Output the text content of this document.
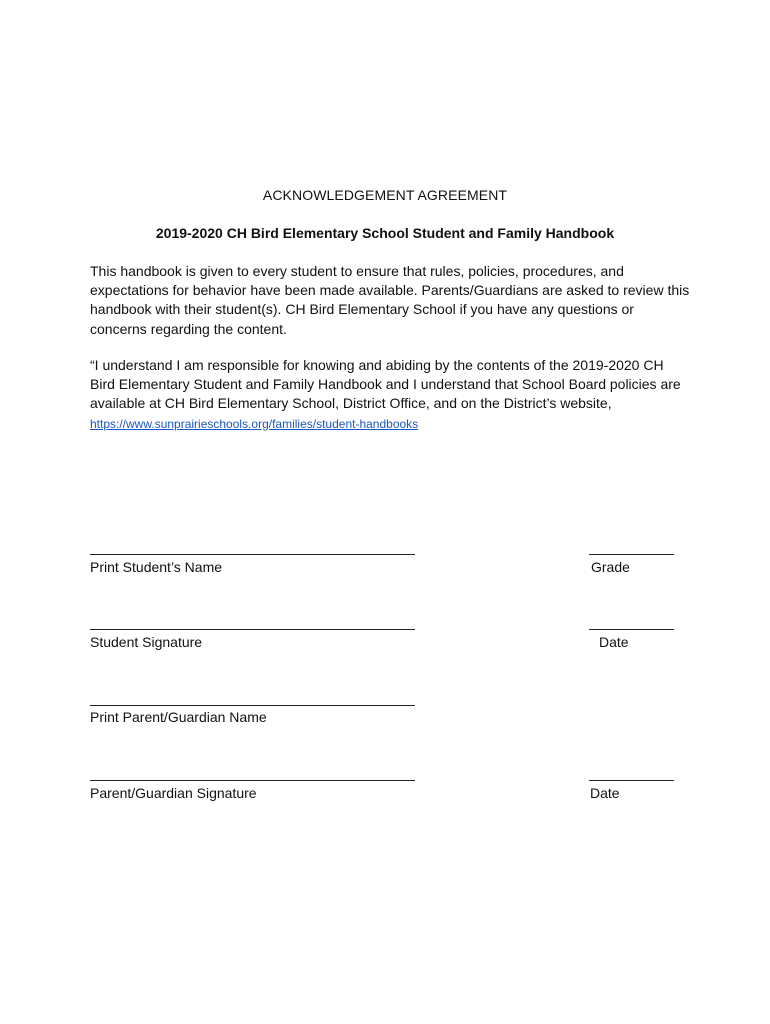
ACKNOWLEDGEMENT AGREEMENT
2019-2020 CH Bird Elementary School Student and Family Handbook
This handbook is given to every student to ensure that rules, policies, procedures, and expectations for behavior have been made available. Parents/Guardians are asked to review this handbook with their student(s). CH Bird Elementary School if you have any questions or concerns regarding the content.
“I understand I am responsible for knowing and abiding by the contents of the 2019-2020 CH Bird Elementary Student and Family Handbook and I understand that School Board policies are available at CH Bird Elementary School, District Office, and on the District’s website, https://www.sunprairieschools.org/families/student-handbooks
Print Student’s Name	Grade
Student Signature	Date
Print Parent/Guardian Name
Parent/Guardian Signature	Date
